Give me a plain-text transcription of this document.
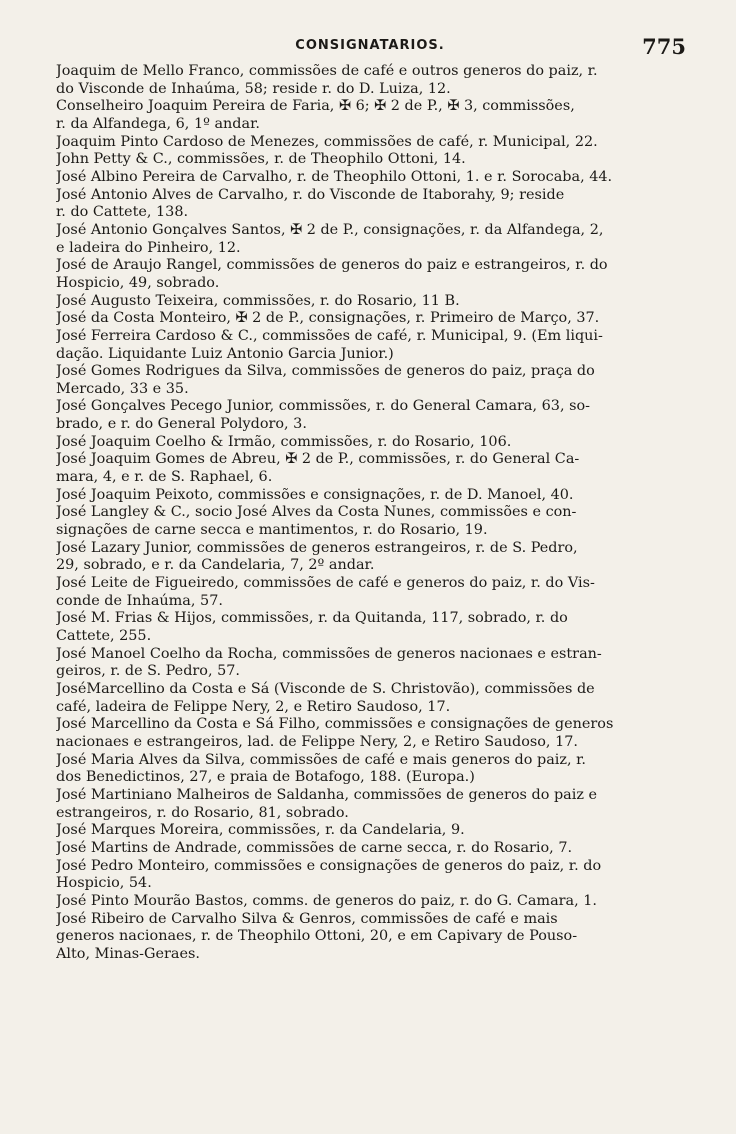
CONSIGNATARIOS.	775
Joaquim de Mello Franco, commissões de café e outros generos do paiz, r.
do Visconde de Inhaúma, 58; reside r. do D. Luiza, 12.
Conselheiro Joaquim Pereira de Faria, ✠ 6; ✠ 2 de P., ✠ 3, commissões,
r. da Alfandega, 6, 1º andar.
Joaquim Pinto Cardoso de Menezes, commissões de café, r. Municipal, 22.
John Petty & C., commissões, r. de Theophilo Ottoni, 14.
José Albino Pereira de Carvalho, r. de Theophilo Ottoni, 1. e r. Sorocaba, 44.
José Antonio Alves de Carvalho, r. do Visconde de Itaborahy, 9; reside
r. do Cattete, 138.
José Antonio Gonçalves Santos, ✠ 2 de P., consignações, r. da Alfandega, 2,
e ladeira do Pinheiro, 12.
José de Araujo Rangel, commissões de generos do paiz e estrangeiros, r. do
Hospicio, 49, sobrado.
José Augusto Teixeira, commissões, r. do Rosario, 11 B.
José da Costa Monteiro, ✠ 2 de P., consignações, r. Primeiro de Março, 37.
José Ferreira Cardoso & C., commissões de café, r. Municipal, 9. (Em liqui-
dação. Liquidante Luiz Antonio Garcia Junior.)
José Gomes Rodrigues da Silva, commissões de generos do paiz, praça do
Mercado, 33 e 35.
José Gonçalves Pecego Junior, commissões, r. do General Camara, 63, so-
brado, e r. do General Polydoro, 3.
José Joaquim Coelho & Irmão, commissões, r. do Rosario, 106.
José Joaquim Gomes de Abreu, ✠ 2 de P., commissões, r. do General Ca-
mara, 4, e r. de S. Raphael, 6.
José Joaquim Peixoto, commissões e consignações, r. de D. Manoel, 40.
José Langley & C., socio José Alves da Costa Nunes, commissões e con-
signações de carne secca e mantimentos, r. do Rosario, 19.
José Lazary Junior, commissões de generos estrangeiros, r. de S. Pedro,
29, sobrado, e r. da Candelaria, 7, 2º andar.
José Leite de Figueiredo, commissões de café e generos do paiz, r. do Vis-
conde de Inhaúma, 57.
José M. Frias & Hijos, commissões, r. da Quitanda, 117, sobrado, r. do
Cattete, 255.
José Manoel Coelho da Rocha, commissões de generos nacionaes e estran-
geiros, r. de S. Pedro, 57.
JoséMarcellino da Costa e Sá (Visconde de S. Christovão), commissões de
café, ladeira de Felippe Nery, 2, e Retiro Saudoso, 17.
José Marcellino da Costa e Sá Filho, commissões e consignações de generos
nacionaes e estrangeiros, lad. de Felippe Nery, 2, e Retiro Saudoso, 17.
José Maria Alves da Silva, commissões de café e mais generos do paiz, r.
dos Benedictinos, 27, e praia de Botafogo, 188. (Europa.)
José Martiniano Malheiros de Saldanha, commissões de generos do paiz e
estrangeiros, r. do Rosario, 81, sobrado.
José Marques Moreira, commissões, r. da Candelaria, 9.
José Martins de Andrade, commissões de carne secca, r. do Rosario, 7.
José Pedro Monteiro, commissões e consignações de generos do paiz, r. do
Hospicio, 54.
José Pinto Mourão Bastos, comms. de generos do paiz, r. do G. Camara, 1.
José Ribeiro de Carvalho Silva & Genros, commissões de café e mais
generos nacionaes, r. de Theophilo Ottoni, 20, e em Capivary de Pouso-
Alto, Minas-Geraes.
